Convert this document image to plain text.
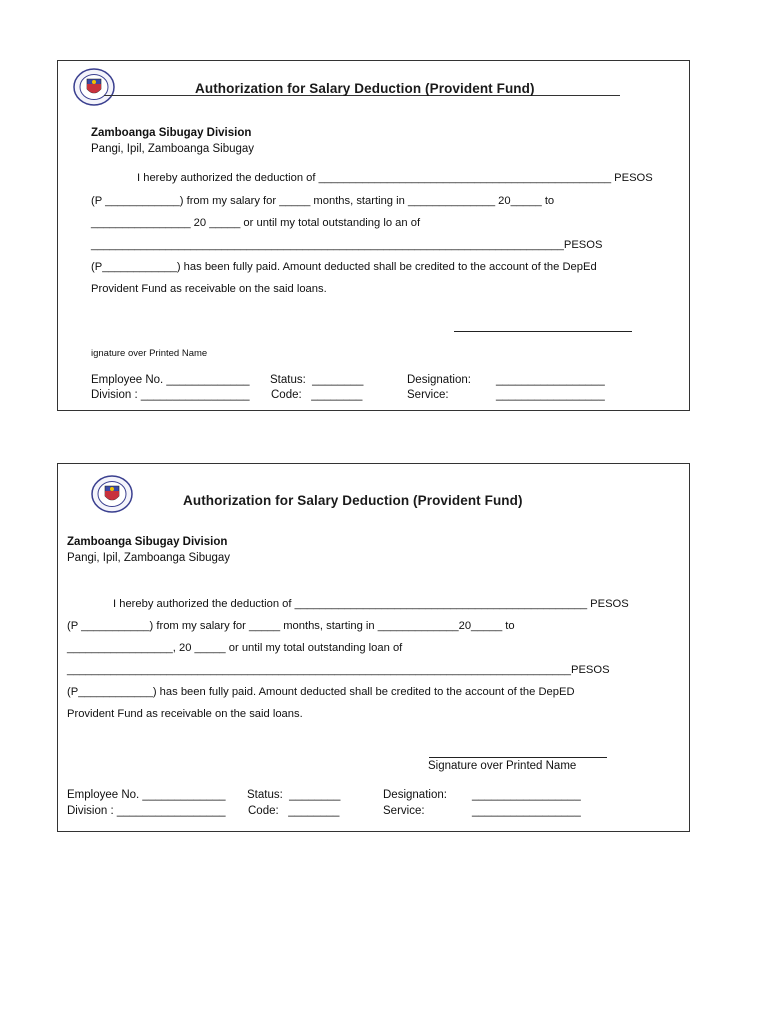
Authorization for Salary Deduction (Provident Fund)
Zamboanga Sibugay Division
Pangi, Ipil, Zamboanga Sibugay
I hereby authorized the deduction of _______________________________________________ PESOS
(P ____________) from my salary for _____ months, starting in ______________ 20_____ to
________________ 20 _____ or until my total outstanding lo an of
____________________________________________________________________________PESOS
(P____________) has been fully paid. Amount deducted shall be credited to the account of the DepEd
Provident Fund as receivable on the said loans.
ignature over Printed Name
Employee No. _____________ Status:  ________	Designation: _________________
Division : _________________ Code:   ________	Service:	_________________
Authorization for Salary Deduction (Provident Fund)
Zamboanga Sibugay Division
Pangi, Ipil, Zamboanga Sibugay
I hereby authorized the deduction of _______________________________________________ PESOS
(P ___________) from my salary for _____ months, starting in _____________20_____ to
_________________, 20 _____ or until my total outstanding loan of
_________________________________________________________________________________PESOS
(P____________) has been fully paid. Amount deducted shall be credited to the account of the DepED
Provident Fund as receivable on the said loans.
Signature over Printed Name
Employee No. _____________ Status:  ________	Designation: _________________
Division : _________________ Code:   ________	Service:	_________________
